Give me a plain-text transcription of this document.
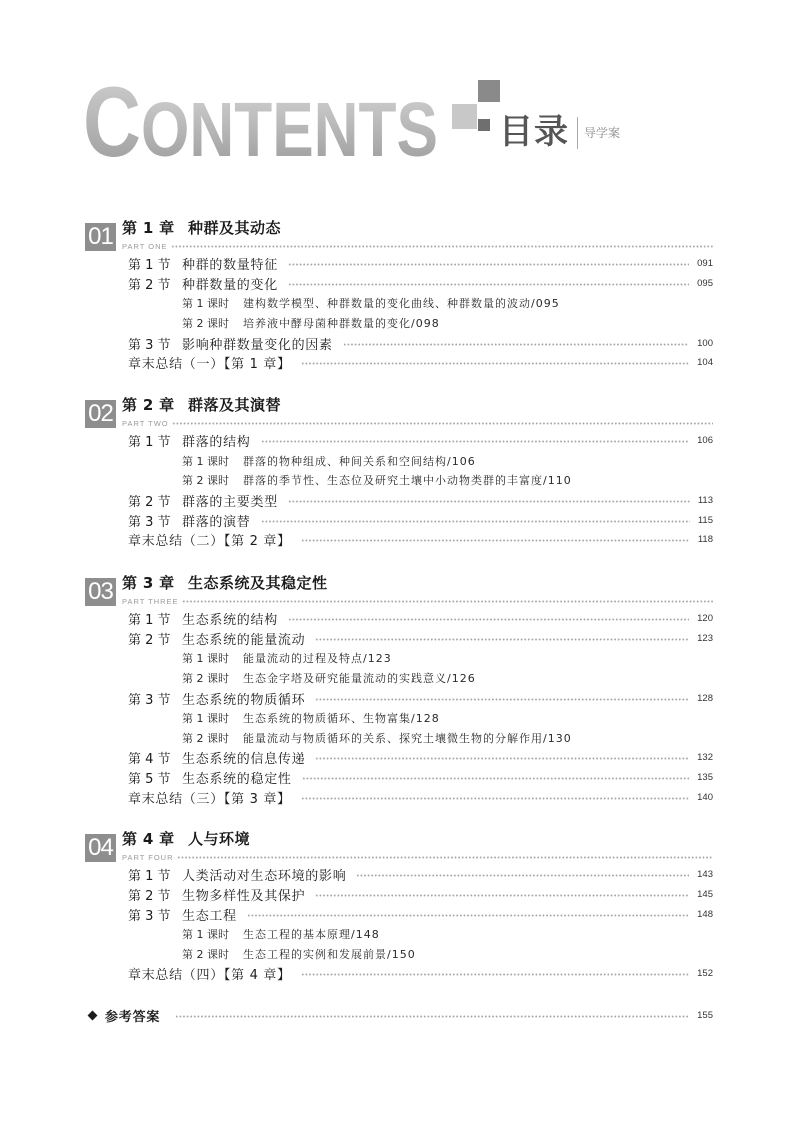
C ONTENTS 目录 导学案
01 第 1 章 种群及其动态
PART ONE
第 1 节 种群的数量特征	091
第 2 节 种群数量的变化	095
第 1 课时	建构数学模型、种群数量的变化曲线、种群数量的波动/095
第 2 课时	培养液中酵母菌种群数量的变化/098
第 3 节 影响种群数量变化的因素	100
章末总结（一）【第 1 章】	104
02 第 2 章 群落及其演替
PART TWO
第 1 节 群落的结构	106
第 1 课时	群落的物种组成、种间关系和空间结构/106
第 2 课时	群落的季节性、生态位及研究土壤中小动物类群的丰富度/110
第 2 节 群落的主要类型	113
第 3 节 群落的演替	115
章末总结（二）【第 2 章】	118
03 第 3 章 生态系统及其稳定性
PART THREE
第 1 节 生态系统的结构	120
第 2 节 生态系统的能量流动	123
第 1 课时	能量流动的过程及特点/123
第 2 课时	生态金字塔及研究能量流动的实践意义/126
第 3 节 生态系统的物质循环	128
第 1 课时	生态系统的物质循环、生物富集/128
第 2 课时	能量流动与物质循环的关系、探究土壤微生物的分解作用/130
第 4 节 生态系统的信息传递	132
第 5 节 生态系统的稳定性	135
章末总结（三）【第 3 章】	140
04 第 4 章 人与环境
PART FOUR
第 1 节 人类活动对生态环境的影响	143
第 2 节 生物多样性及其保护	145
第 3 节 生态工程	148
第 1 课时	生态工程的基本原理/148
第 2 课时	生态工程的实例和发展前景/150
章末总结（四）【第 4 章】	152
参考答案	155
